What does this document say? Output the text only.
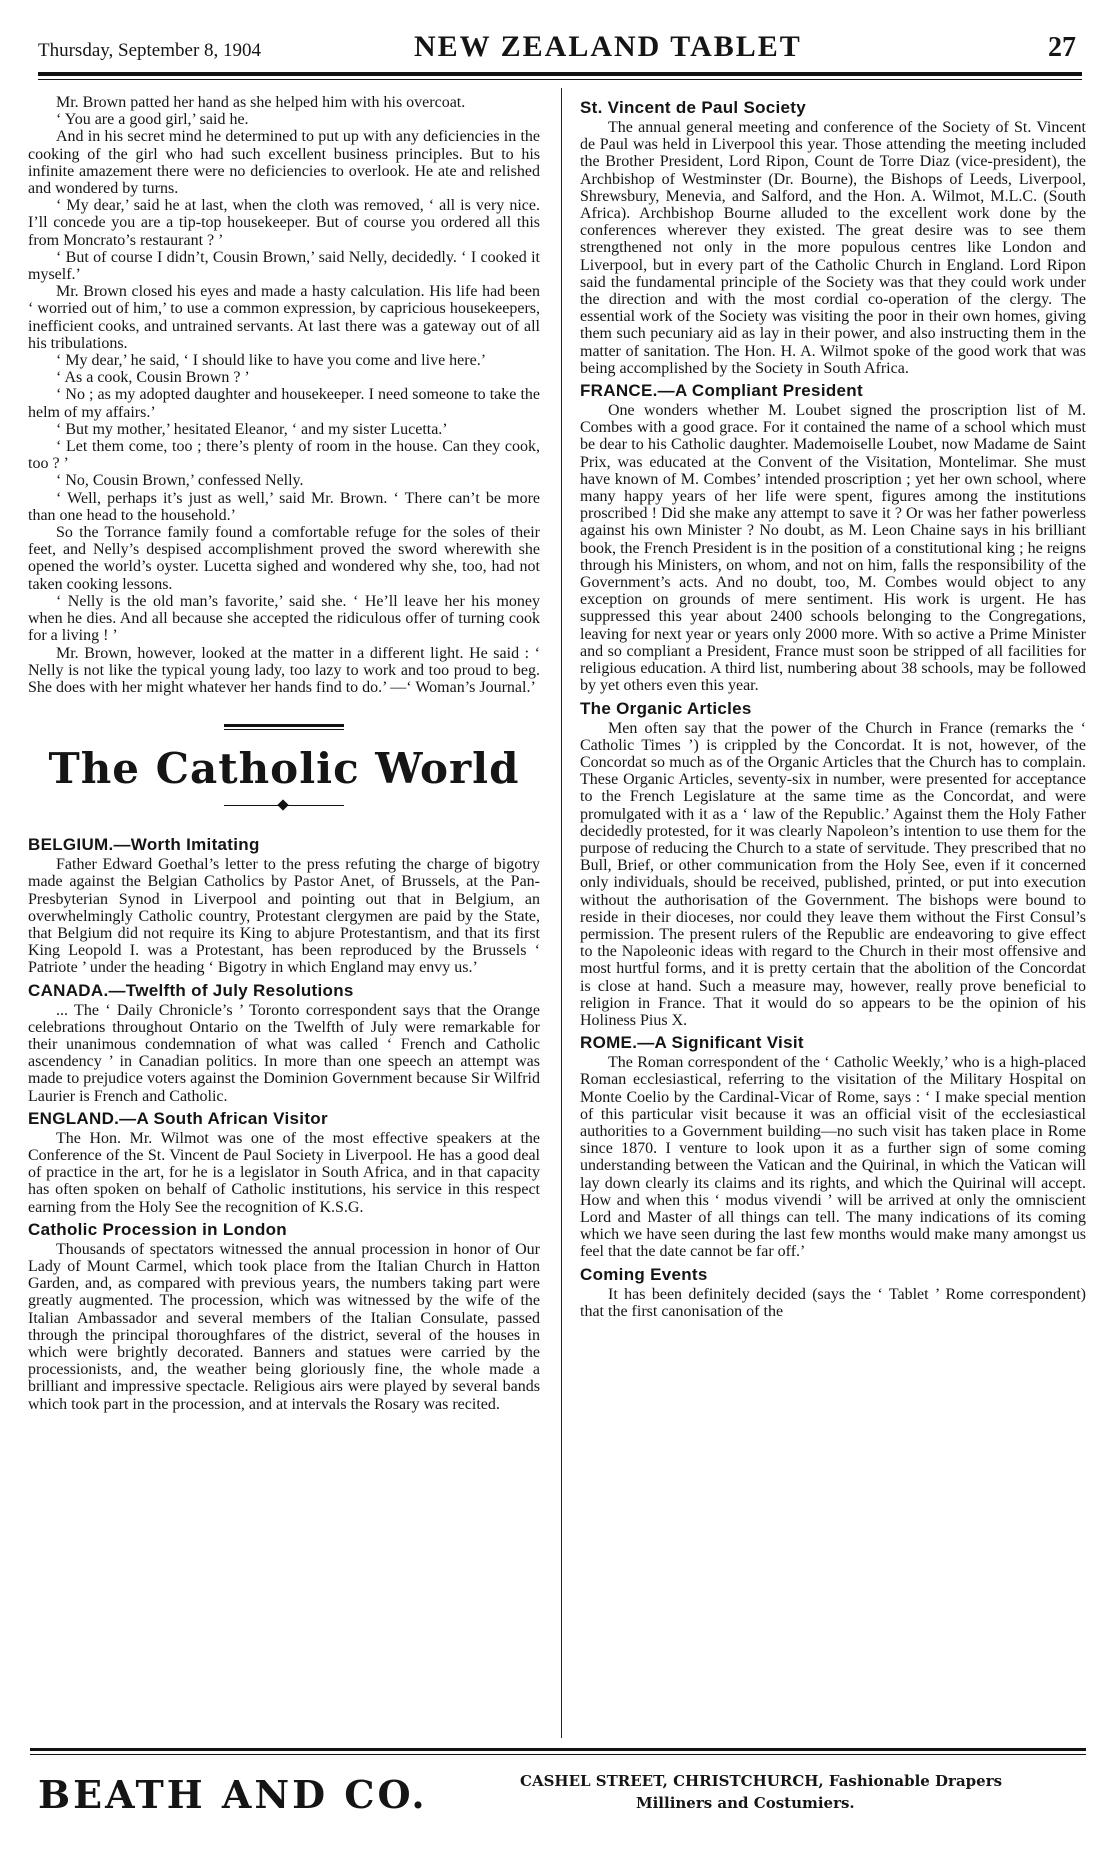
Thursday, September 8, 1904	NEW ZEALAND TABLET	27

Mr. Brown patted her hand as she helped him with his overcoat.

‘ You are a good girl,’ said he.

And in his secret mind he determined to put up with any deficiencies in the cooking of the girl who had such excellent business principles. But to his infinite amazement there were no deficiencies to overlook. He ate and relished and wondered by turns.

‘ My dear,’ said he at last, when the cloth was removed, ‘ all is very nice. I’ll concede you are a tip-top housekeeper. But of course you ordered all this from Moncrato’s restaurant ? ’

‘ But of course I didn’t, Cousin Brown,’ said Nelly, decidedly. ‘ I cooked it myself.’

Mr. Brown closed his eyes and made a hasty calculation. His life had been ‘ worried out of him,’ to use a common expression, by capricious housekeepers, inefficient cooks, and untrained servants. At last there was a gateway out of all his tribulations.

‘ My dear,’ he said, ‘ I should like to have you come and live here.’

‘ As a cook, Cousin Brown ? ’

‘ No ; as my adopted daughter and housekeeper. I need someone to take the helm of my affairs.’

‘ But my mother,’ hesitated Eleanor, ‘ and my sister Lucetta.’

‘ Let them come, too ; there’s plenty of room in the house. Can they cook, too ? ’

‘ No, Cousin Brown,’ confessed Nelly.

‘ Well, perhaps it’s just as well,’ said Mr. Brown. ‘ There can’t be more than one head to the household.’

So the Torrance family found a comfortable refuge for the soles of their feet, and Nelly’s despised accomplishment proved the sword wherewith she opened the world’s oyster. Lucetta sighed and wondered why she, too, had not taken cooking lessons.

‘ Nelly is the old man’s favorite,’ said she. ‘ He’ll leave her his money when he dies. And all because she accepted the ridiculous offer of turning cook for a living ! ’

Mr. Brown, however, looked at the matter in a different light. He said : ‘ Nelly is not like the typical young lady, too lazy to work and too proud to beg. She does with her might whatever her hands find to do.’ —‘ Woman’s Journal.’

The Catholic World
BELGIUM.—Worth Imitating

Father Edward Goethal’s letter to the press refuting the charge of bigotry made against the Belgian Catholics by Pastor Anet, of Brussels, at the Pan-Presbyterian Synod in Liverpool and pointing out that in Belgium, an overwhelmingly Catholic country, Protestant clergymen are paid by the State, that Belgium did not require its King to abjure Protestantism, and that its first King Leopold I. was a Protestant, has been reproduced by the Brussels ‘ Patriote ’ under the heading ‘ Bigotry in which England may envy us.’

CANADA.—Twelfth of July Resolutions

... The ‘ Daily Chronicle’s ’ Toronto correspondent says that the Orange celebrations throughout Ontario on the Twelfth of July were remarkable for their unanimous condemnation of what was called ‘ French and Catholic ascendency ’ in Canadian politics. In more than one speech an attempt was made to prejudice voters against the Dominion Government because Sir Wilfrid Laurier is French and Catholic.

ENGLAND.—A South African Visitor

The Hon. Mr. Wilmot was one of the most effective speakers at the Conference of the St. Vincent de Paul Society in Liverpool. He has a good deal of practice in the art, for he is a legislator in South Africa, and in that capacity has often spoken on behalf of Catholic institutions, his service in this respect earning from the Holy See the recognition of K.S.G.

Catholic Procession in London

Thousands of spectators witnessed the annual procession in honor of Our Lady of Mount Carmel, which took place from the Italian Church in Hatton Garden, and, as compared with previous years, the numbers taking part were greatly augmented. The procession, which was witnessed by the wife of the Italian Ambassador and several members of the Italian Consulate, passed through the principal thoroughfares of the district, several of the houses in which were brightly decorated. Banners and statues were carried by the processionists, and, the weather being gloriously fine, the whole made a brilliant and impressive spectacle. Religious airs were played by several bands which took part in the procession, and at intervals the Rosary was recited.

St. Vincent de Paul Society

The annual general meeting and conference of the Society of St. Vincent de Paul was held in Liverpool this year. Those attending the meeting included the Brother President, Lord Ripon, Count de Torre Diaz (vice-president), the Archbishop of Westminster (Dr. Bourne), the Bishops of Leeds, Liverpool, Shrewsbury, Menevia, and Salford, and the Hon. A. Wilmot, M.L.C. (South Africa). Archbishop Bourne alluded to the excellent work done by the conferences wherever they existed. The great desire was to see them strengthened not only in the more populous centres like London and Liverpool, but in every part of the Catholic Church in England. Lord Ripon said the fundamental principle of the Society was that they could work under the direction and with the most cordial co-operation of the clergy. The essential work of the Society was visiting the poor in their own homes, giving them such pecuniary aid as lay in their power, and also instructing them in the matter of sanitation. The Hon. H. A. Wilmot spoke of the good work that was being accomplished by the Society in South Africa.

FRANCE.—A Compliant President

One wonders whether M. Loubet signed the proscription list of M. Combes with a good grace. For it contained the name of a school which must be dear to his Catholic daughter. Mademoiselle Loubet, now Madame de Saint Prix, was educated at the Convent of the Visitation, Montelimar. She must have known of M. Combes’ intended proscription ; yet her own school, where many happy years of her life were spent, figures among the institutions proscribed ! Did she make any attempt to save it ? Or was her father powerless against his own Minister ? No doubt, as M. Leon Chaine says in his brilliant book, the French President is in the position of a constitutional king ; he reigns through his Ministers, on whom, and not on him, falls the responsibility of the Government’s acts. And no doubt, too, M. Combes would object to any exception on grounds of mere sentiment. His work is urgent. He has suppressed this year about 2400 schools belonging to the Congregations, leaving for next year or years only 2000 more. With so active a Prime Minister and so compliant a President, France must soon be stripped of all facilities for religious education. A third list, numbering about 38 schools, may be followed by yet others even this year.

The Organic Articles

Men often say that the power of the Church in France (remarks the ‘ Catholic Times ’) is crippled by the Concordat. It is not, however, of the Concordat so much as of the Organic Articles that the Church has to complain. These Organic Articles, seventy-six in number, were presented for acceptance to the French Legislature at the same time as the Concordat, and were promulgated with it as a ‘ law of the Republic.’ Against them the Holy Father decidedly protested, for it was clearly Napoleon’s intention to use them for the purpose of reducing the Church to a state of servitude. They prescribed that no Bull, Brief, or other communication from the Holy See, even if it concerned only individuals, should be received, published, printed, or put into execution without the authorisation of the Government. The bishops were bound to reside in their dioceses, nor could they leave them without the First Consul’s permission. The present rulers of the Republic are endeavoring to give effect to the Napoleonic ideas with regard to the Church in their most offensive and most hurtful forms, and it is pretty certain that the abolition of the Concordat is close at hand. Such a measure may, however, really prove beneficial to religion in France. That it would do so appears to be the opinion of his Holiness Pius X.

ROME.—A Significant Visit

The Roman correspondent of the ‘ Catholic Weekly,’ who is a high-placed Roman ecclesiastical, referring to the visitation of the Military Hospital on Monte Coelio by the Cardinal-Vicar of Rome, says : ‘ I make special mention of this particular visit because it was an official visit of the ecclesiastical authorities to a Government building—no such visit has taken place in Rome since 1870. I venture to look upon it as a further sign of some coming understanding between the Vatican and the Quirinal, in which the Vatican will lay down clearly its claims and its rights, and which the Quirinal will accept. How and when this ‘ modus vivendi ’ will be arrived at only the omniscient Lord and Master of all things can tell. The many indications of its coming which we have seen during the last few months would make many amongst us feel that the date cannot be far off.’

Coming Events

It has been definitely decided (says the ‘ Tablet ’ Rome correspondent) that the first canonisation of the

BEATH AND CO.	CASHEL STREET, CHRISTCHURCH, Fashionable Drapers
Milliners and Costumiers.
